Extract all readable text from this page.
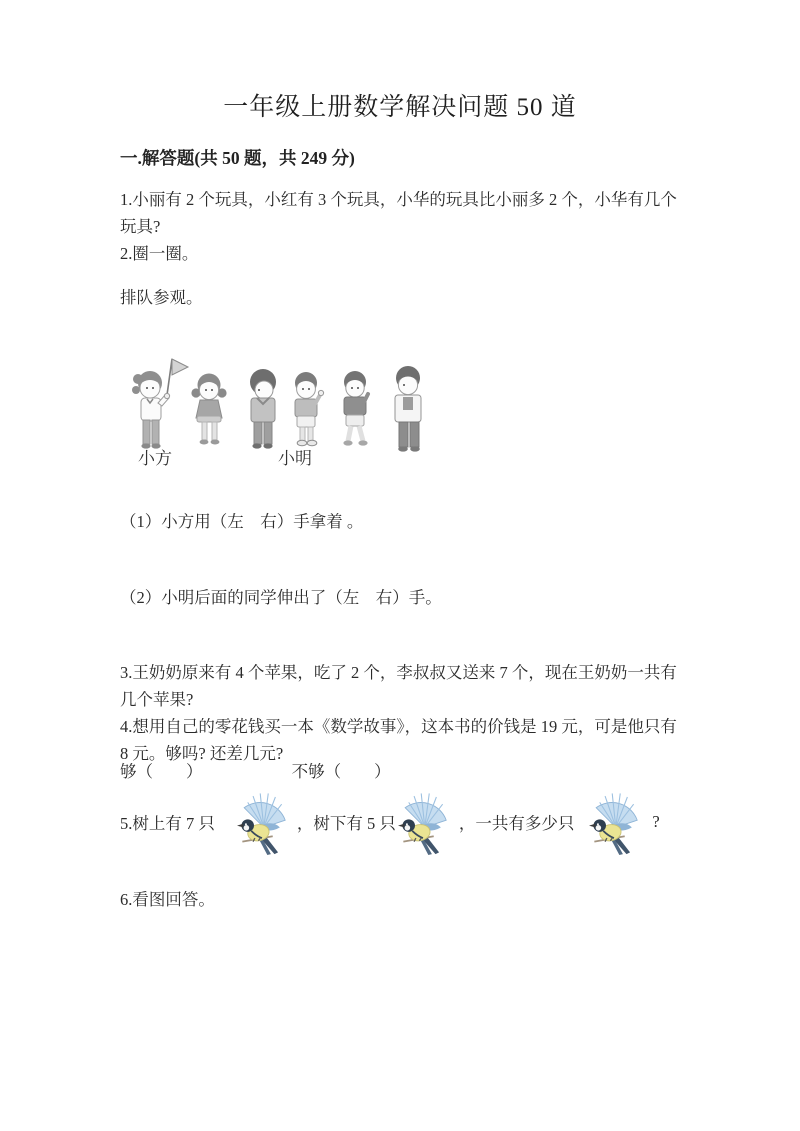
一年级上册数学解决问题 50 道
一.解答题(共 50 题，共 249 分)
1.小丽有 2 个玩具，小红有 3 个玩具，小华的玩具比小丽多 2 个，小华有几个
玩具?
2.圈一圈。
排队参观。
小方	小明
（1）小方用（左　右）手拿着 。
（2）小明后面的同学伸出了（左　右）手。
3.王奶奶原来有 4 个苹果，吃了 2 个，李叔叔又送来 7 个，现在王奶奶一共有
几个苹果?
4.想用自己的零花钱买一本《数学故事》，这本书的价钱是 19 元，可是他只有
8 元。够吗? 还差几元?
够（　　）	不够（　　）
5.树上有 7 只	，树下有 5 只	，一共有多少只	?
6.看图回答。
